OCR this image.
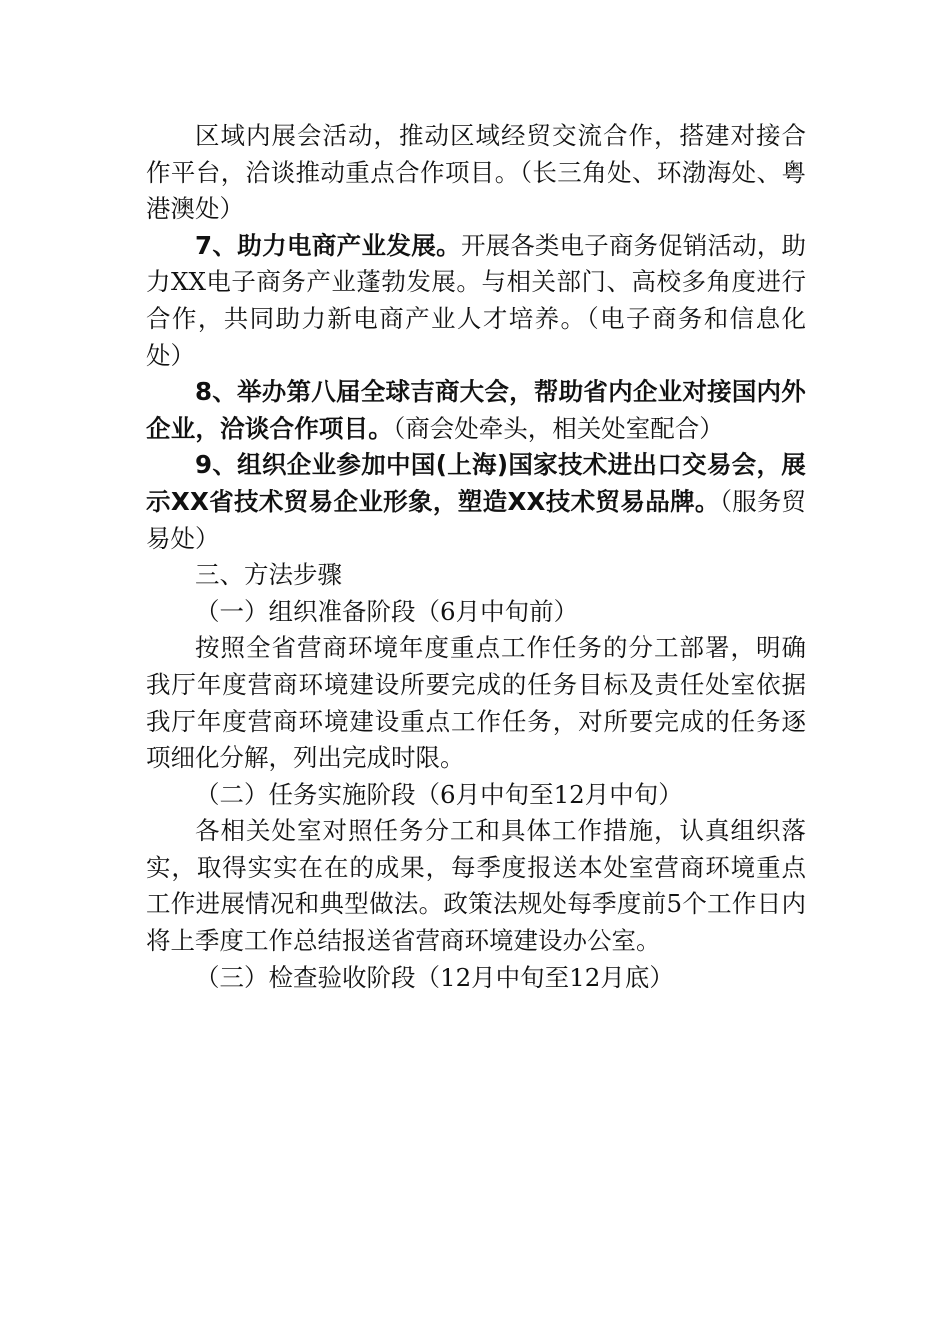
区域内展会活动，推动区域经贸交流合作，搭建对接合作平台，洽谈推动重点合作项目。（长三角处、环渤海处、粤港澳处）

7、助力电商产业发展。开展各类电子商务促销活动，助力XX电子商务产业蓬勃发展。与相关部门、高校多角度进行合作，共同助力新电商产业人才培养。（电子商务和信息化处）

8、举办第八届全球吉商大会，帮助省内企业对接国内外企业，洽谈合作项目。（商会处牵头，相关处室配合）

9、组织企业参加中国(上海)国家技术进出口交易会，展示XX省技术贸易企业形象，塑造XX技术贸易品牌。（服务贸易处）

三、方法步骤

（一）组织准备阶段（6月中旬前）

按照全省营商环境年度重点工作任务的分工部署，明确我厅年度营商环境建设所要完成的任务目标及责任处室依据我厅年度营商环境建设重点工作任务，对所要完成的任务逐项细化分解，列出完成时限。

（二）任务实施阶段（6月中旬至12月中旬）

各相关处室对照任务分工和具体工作措施，认真组织落实，取得实实在在的成果，每季度报送本处室营商环境重点工作进展情况和典型做法。政策法规处每季度前5个工作日内将上季度工作总结报送省营商环境建设办公室。

（三）检查验收阶段（12月中旬至12月底）
